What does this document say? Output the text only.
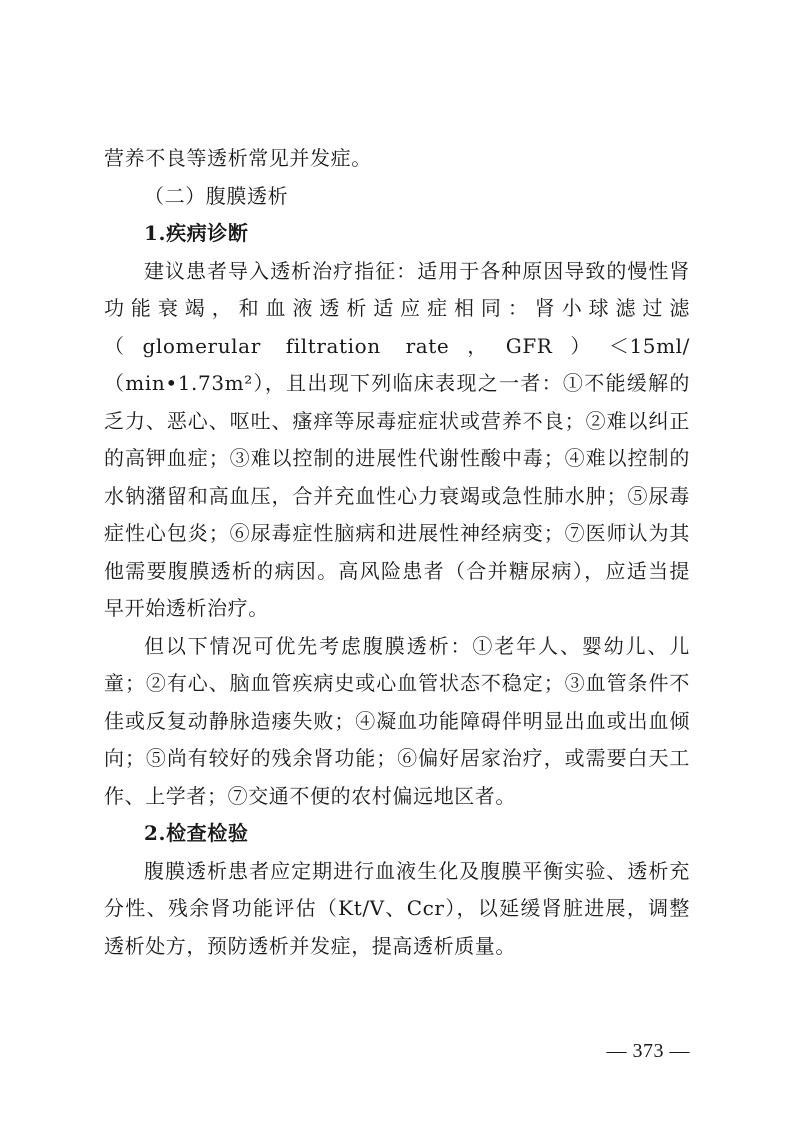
营养不良等透析常见并发症。

（二）腹膜透析

1.疾病诊断

建议患者导入透析治疗指征：适用于各种原因导致的慢性肾功能衰竭，和血液透析适应症相同：肾小球滤过滤（glomerular filtration rate，GFR）＜15ml/（min•1.73m²），且出现下列临床表现之一者：①不能缓解的乏力、恶心、呕吐、瘙痒等尿毒症症状或营养不良；②难以纠正的高钾血症；③难以控制的进展性代谢性酸中毒；④难以控制的水钠潴留和高血压，合并充血性心力衰竭或急性肺水肿；⑤尿毒症性心包炎；⑥尿毒症性脑病和进展性神经病变；⑦医师认为其他需要腹膜透析的病因。高风险患者（合并糖尿病），应适当提早开始透析治疗。

但以下情况可优先考虑腹膜透析：①老年人、婴幼儿、儿童；②有心、脑血管疾病史或心血管状态不稳定；③血管条件不佳或反复动静脉造瘘失败；④凝血功能障碍伴明显出血或出血倾向；⑤尚有较好的残余肾功能；⑥偏好居家治疗，或需要白天工作、上学者；⑦交通不便的农村偏远地区者。

2.检查检验

腹膜透析患者应定期进行血液生化及腹膜平衡实验、透析充分性、残余肾功能评估（Kt/V、Ccr），以延缓肾脏进展，调整透析处方，预防透析并发症，提高透析质量。

— 373 —
